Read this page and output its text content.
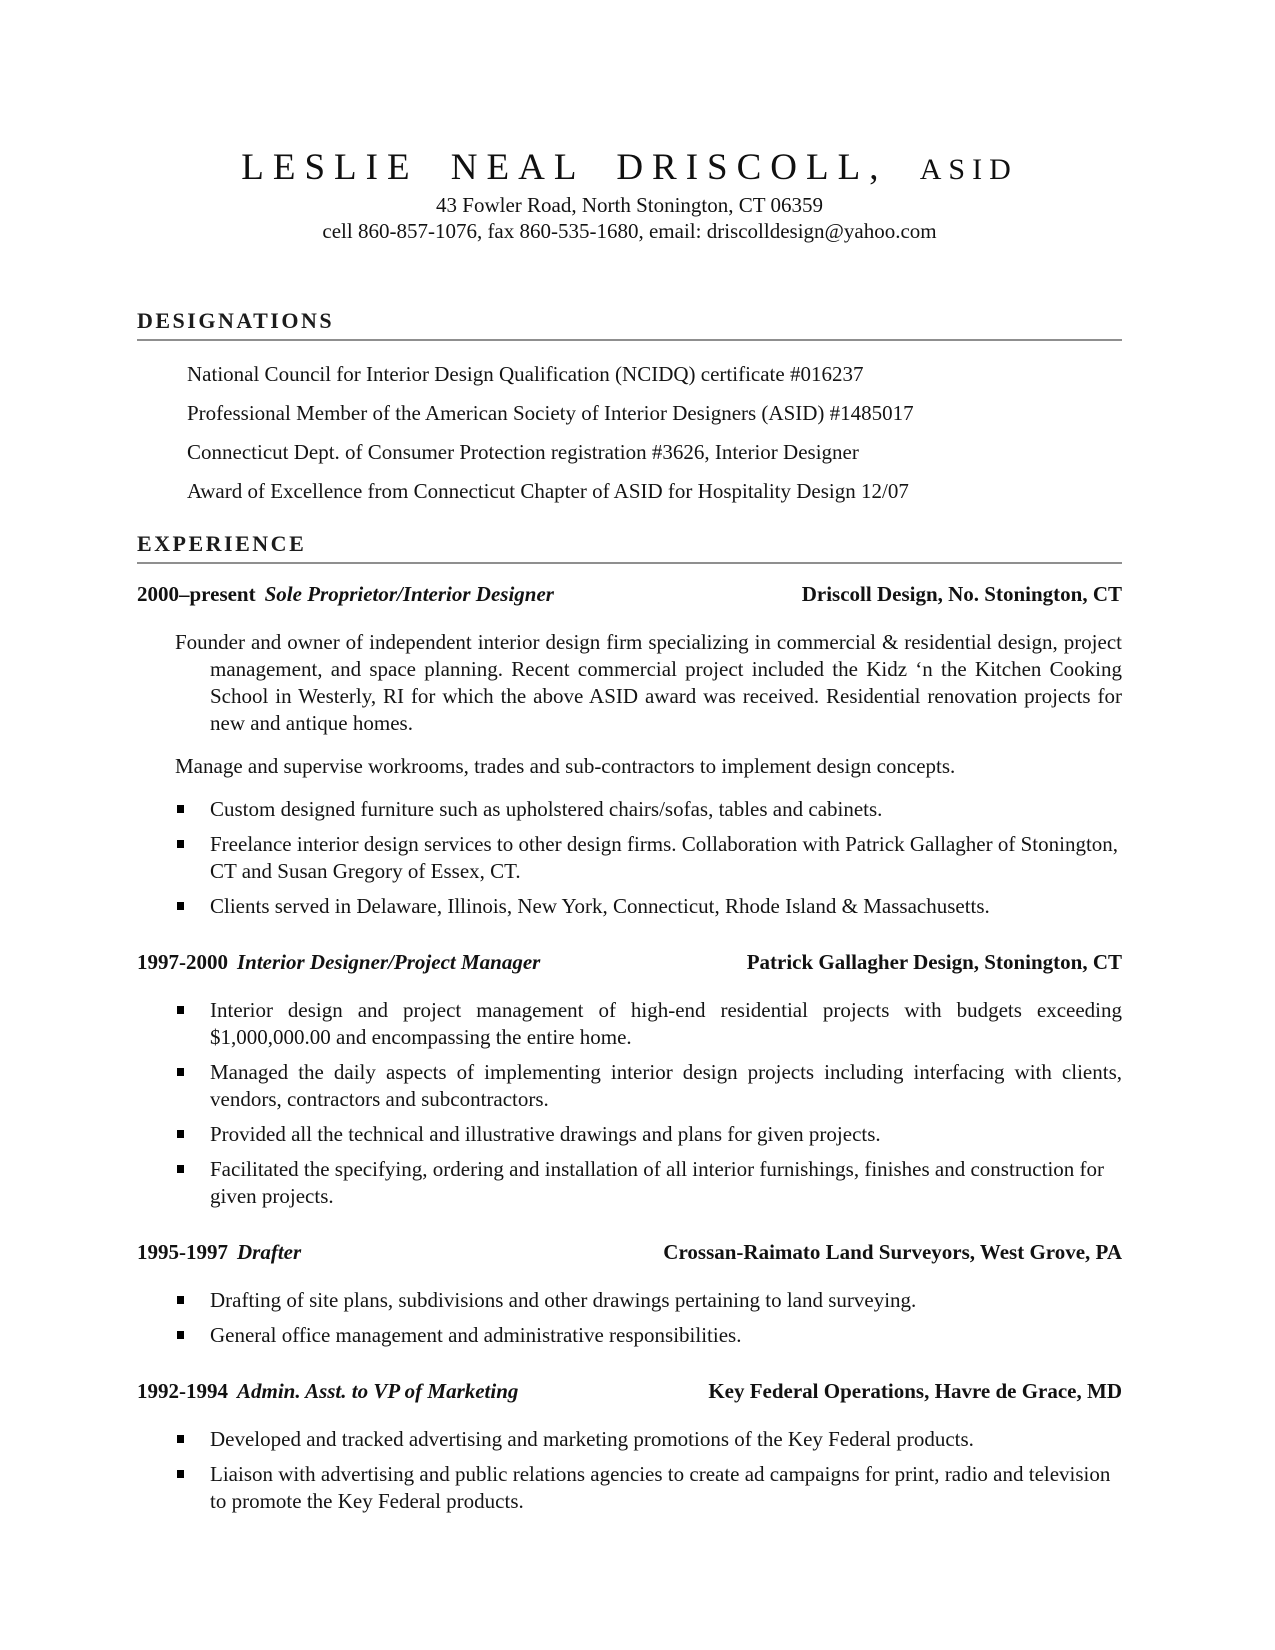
LESLIE NEAL DRISCOLL, ASID
43 Fowler Road, North Stonington, CT 06359
cell 860-857-1076, fax 860-535-1680, email: driscolldesign@yahoo.com
DESIGNATIONS
National Council for Interior Design Qualification (NCIDQ) certificate #016237
Professional Member of the American Society of Interior Designers (ASID) #1485017
Connecticut Dept. of Consumer Protection registration #3626, Interior Designer
Award of Excellence from Connecticut Chapter of ASID for Hospitality Design 12/07
EXPERIENCE
2000–present Sole Proprietor/Interior Designer	Driscoll Design, No. Stonington, CT
Founder and owner of independent interior design firm specializing in commercial & residential design, project management, and space planning. Recent commercial project included the Kidz ‘n the Kitchen Cooking School in Westerly, RI for which the above ASID award was received. Residential renovation projects for new and antique homes.
Manage and supervise workrooms, trades and sub-contractors to implement design concepts.
Custom designed furniture such as upholstered chairs/sofas, tables and cabinets.
Freelance interior design services to other design firms. Collaboration with Patrick Gallagher of Stonington, CT and Susan Gregory of Essex, CT.
Clients served in Delaware, Illinois, New York, Connecticut, Rhode Island & Massachusetts.
1997-2000 Interior Designer/Project Manager	Patrick Gallagher Design, Stonington, CT
Interior design and project management of high-end residential projects with budgets exceeding $1,000,000.00 and encompassing the entire home.
Managed the daily aspects of implementing interior design projects including interfacing with clients, vendors, contractors and subcontractors.
Provided all the technical and illustrative drawings and plans for given projects.
Facilitated the specifying, ordering and installation of all interior furnishings, finishes and construction for given projects.
1995-1997 Drafter	Crossan-Raimato Land Surveyors, West Grove, PA
Drafting of site plans, subdivisions and other drawings pertaining to land surveying.
General office management and administrative responsibilities.
1992-1994 Admin. Asst. to VP of Marketing	Key Federal Operations, Havre de Grace, MD
Developed and tracked advertising and marketing promotions of the Key Federal products.
Liaison with advertising and public relations agencies to create ad campaigns for print, radio and television to promote the Key Federal products.
